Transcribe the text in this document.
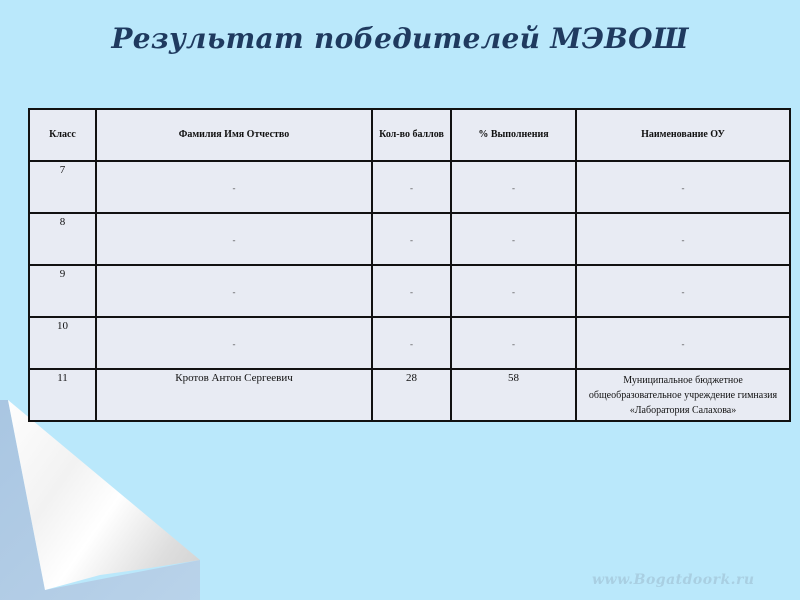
Результат победителей МЭВОШ
Класс	Фамилия Имя Отчество	Кол-во баллов	% Выполнения	Наименование ОУ

7	-	-	-	-

8	-	-	-	-

9	-	-	-	-

10	-	-	-	-

11	Кротов Антон Сергеевич	28	58	Муниципальное бюджетное
общеобразовательное учреждение гимназия
«Лаборатория Салахова»
www.Bogatdoork.ru
